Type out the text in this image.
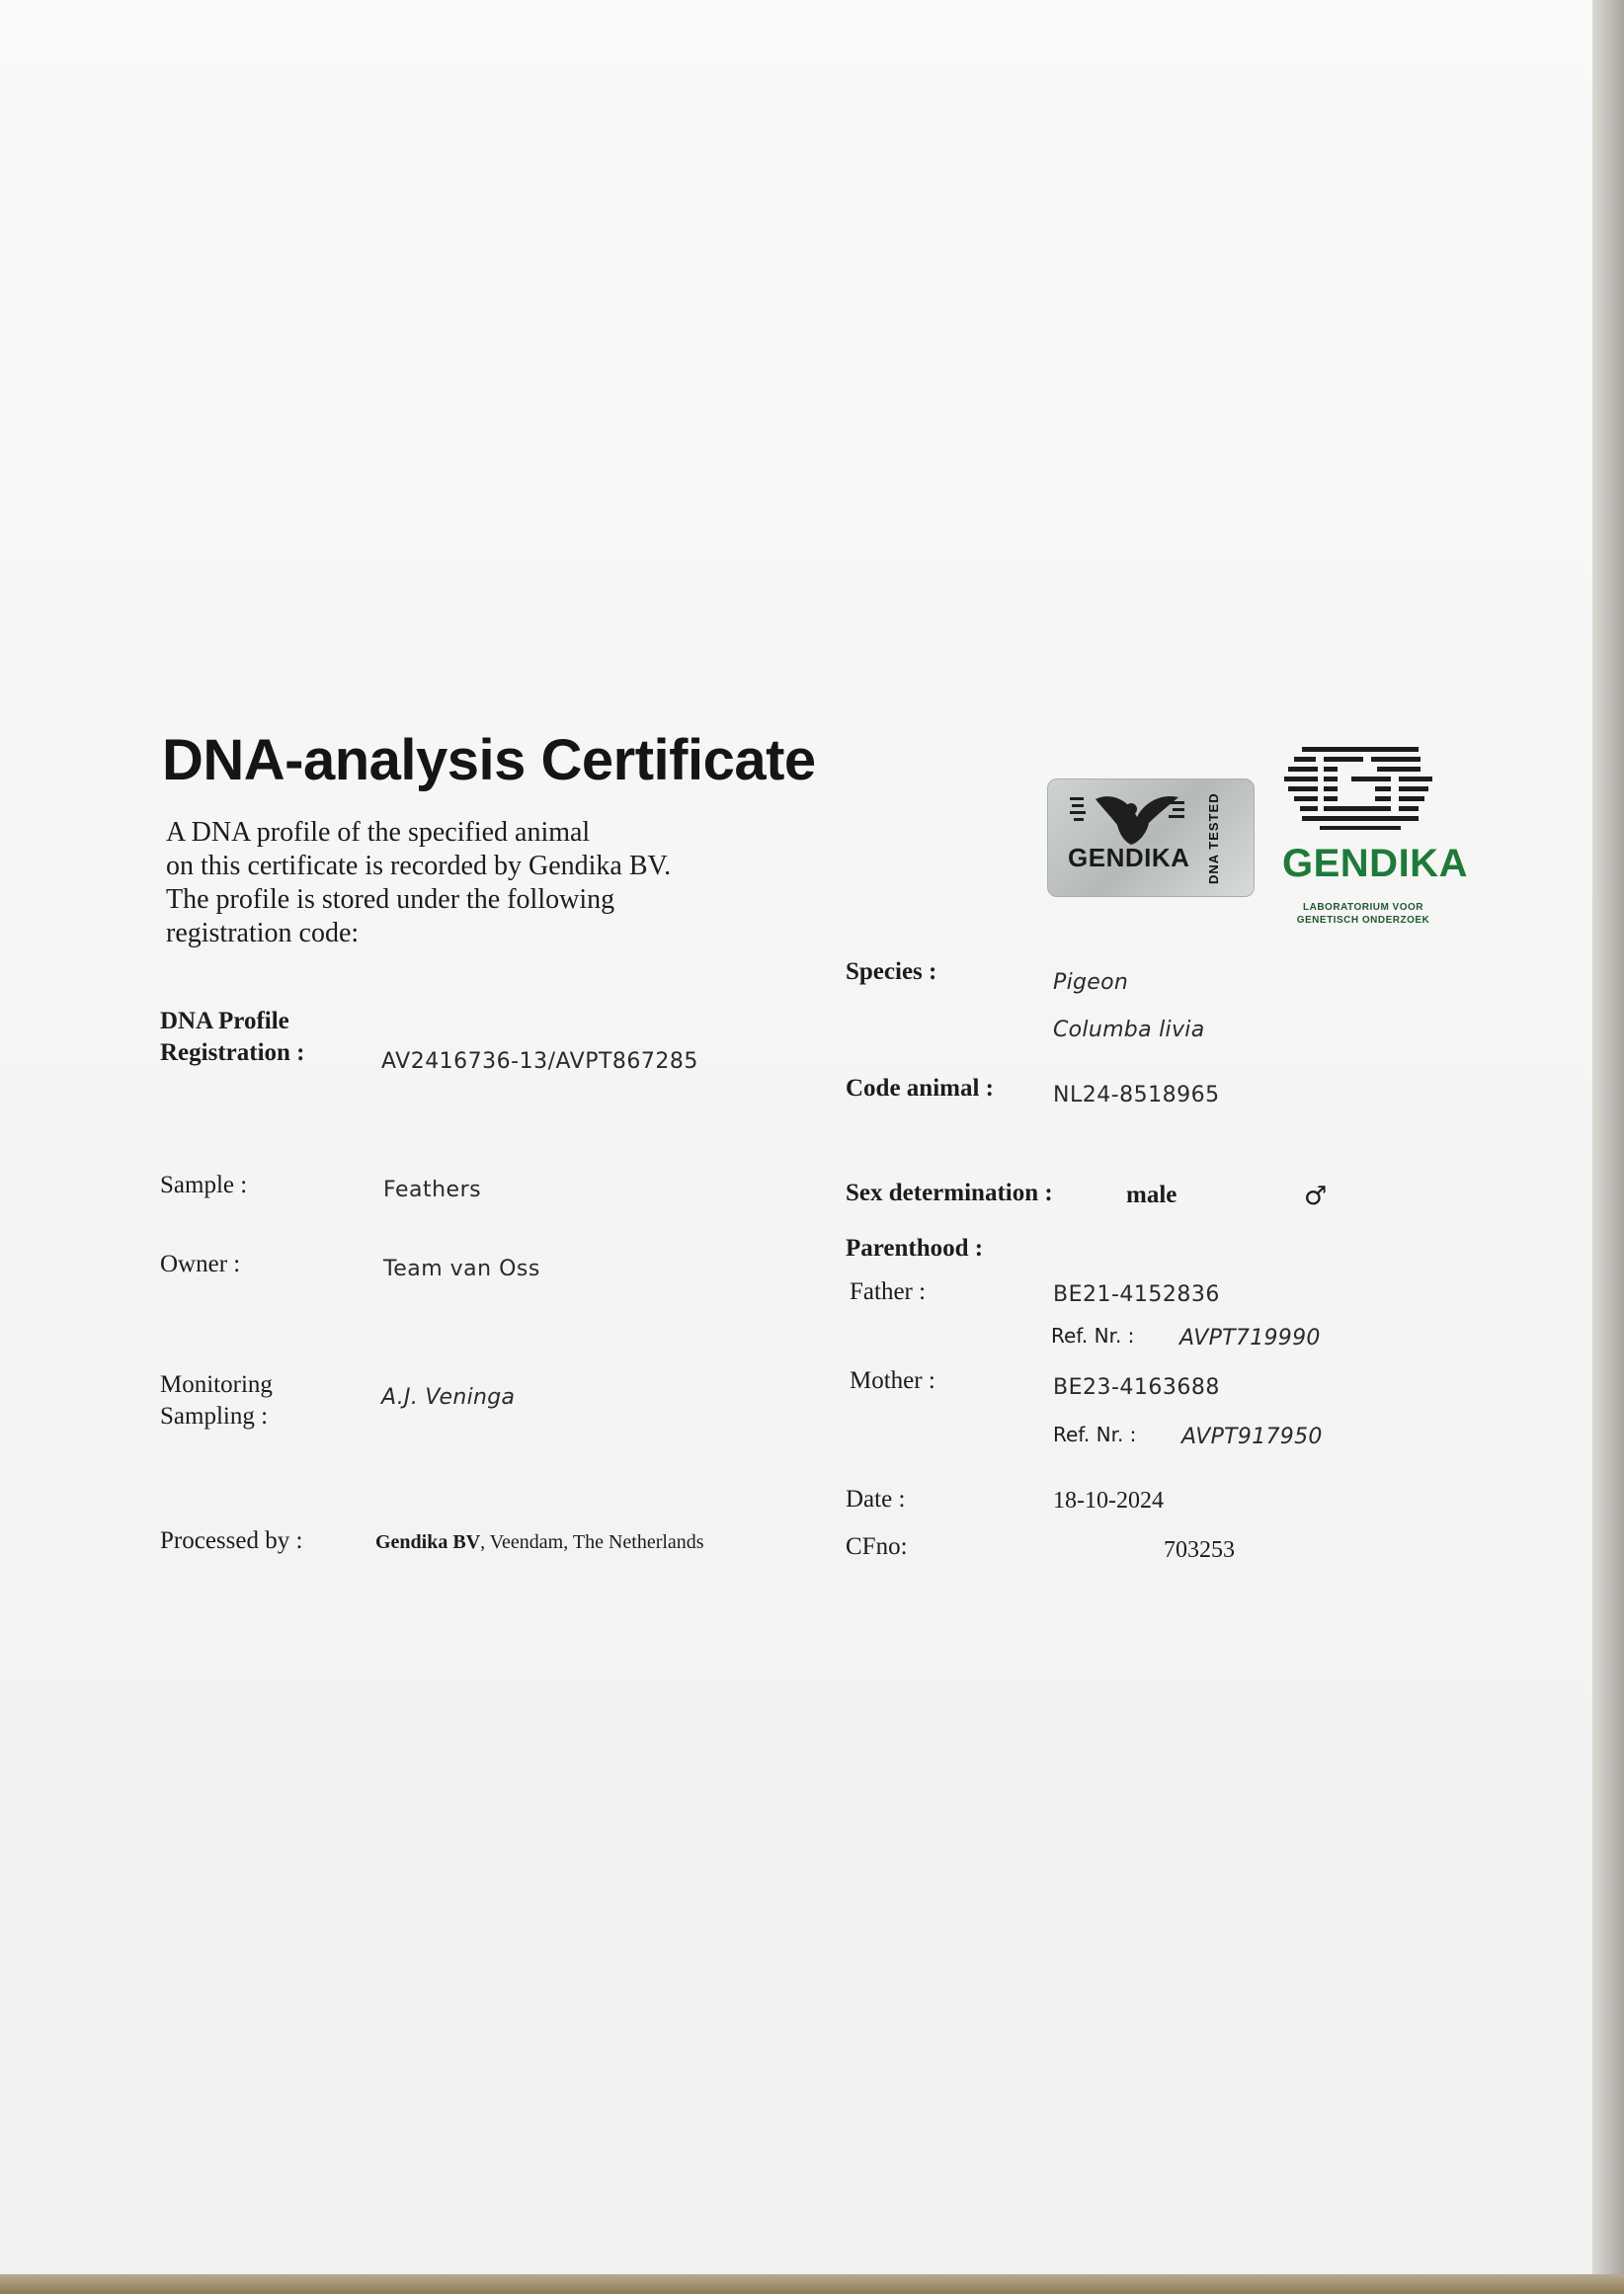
DNA-analysis Certificate
A DNA profile of the specified animal
on this certificate is recorded by Gendika BV.
The profile is stored under the following
registration code:
DNA Profile
Registration :	AV2416736-13/AVPT867285
Sample :	Feathers
Owner :	Team van Oss
Monitoring
Sampling :
A.J. Veninga
Processed by :	Gendika BV, Veendam, The Netherlands
Species :	Pigeon
Columba livia
Code animal :	NL24-8518965
Sex determination :	male	♂
Parenthood :
Father :	BE21-4152836
Ref. Nr. : AVPT719990
Mother :	BE23-4163688
Ref. Nr. : AVPT917950
Date :	18-10-2024
CFno:	703253
GENDIKA DNA TESTED GENDIKA
LABORATORIUM VOOR
GENETISCH ONDERZOEK
